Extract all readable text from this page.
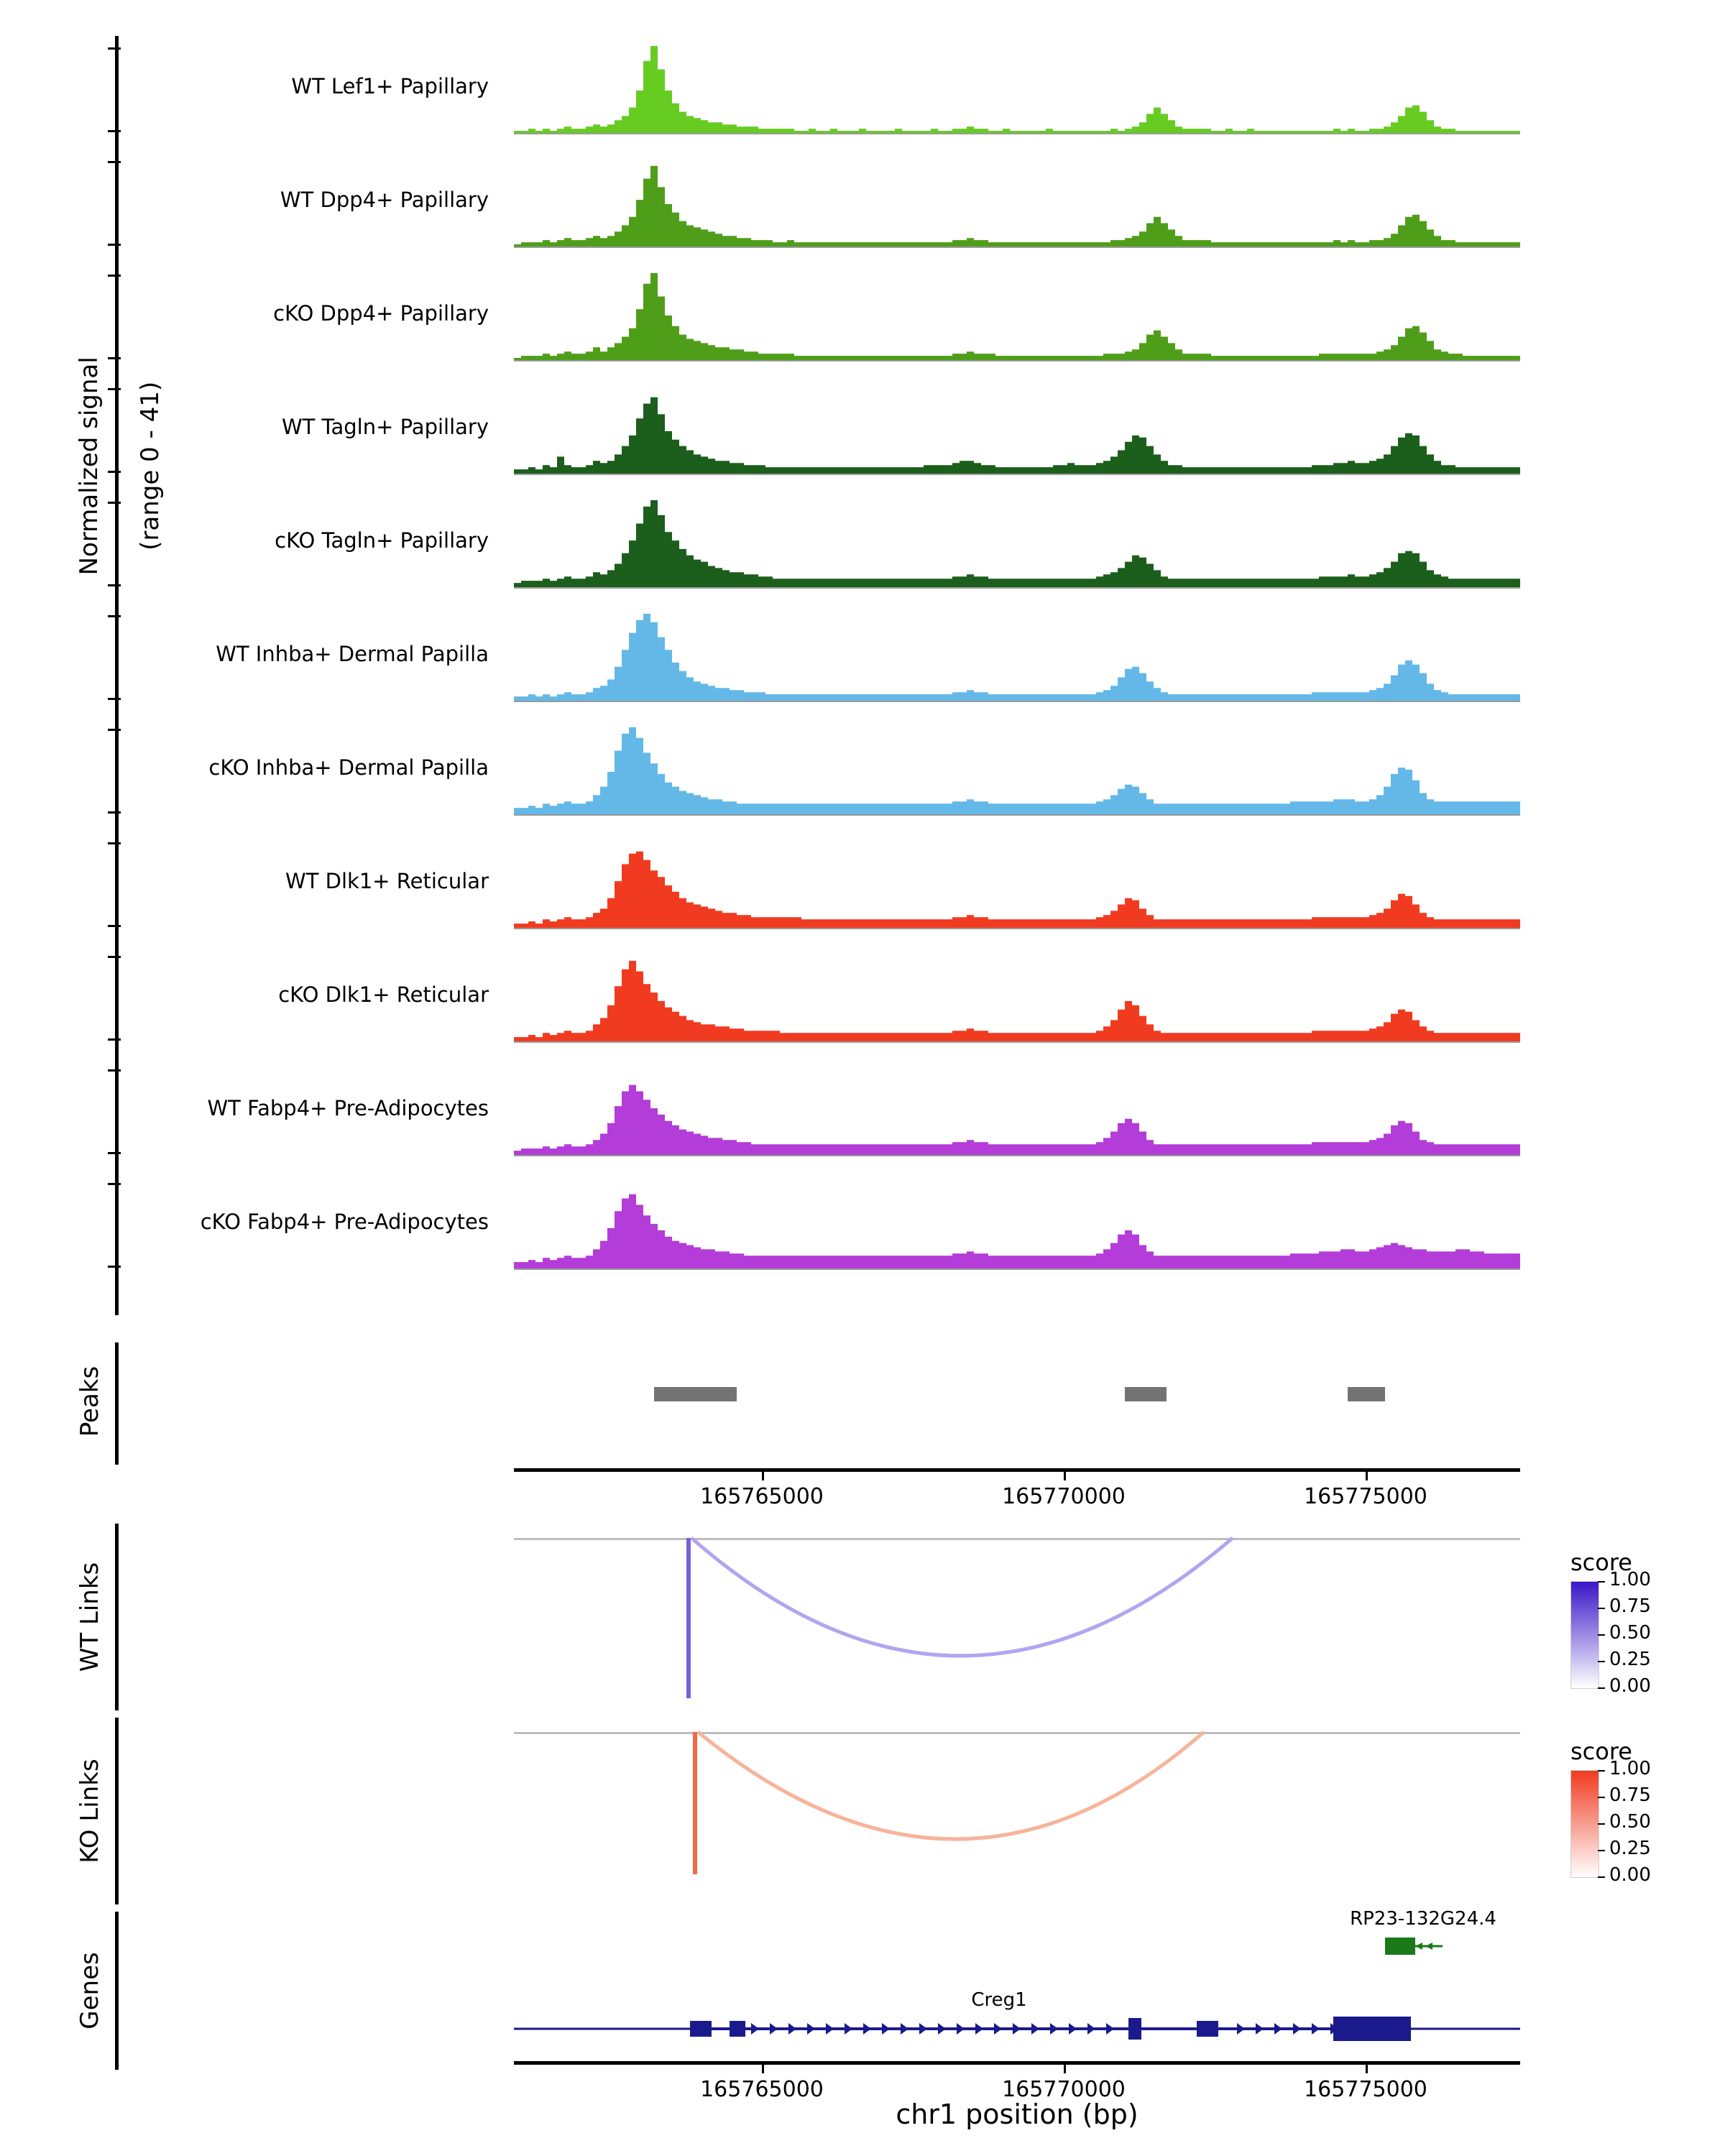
Normalized signal (range 0 - 41)

WT Lef1+ Papillary
WT Dpp4+ Papillary
cKO Dpp4+ Papillary
WT Tagln+ Papillary
cKO Tagln+ Papillary
WT Inhba+ Dermal Papilla
cKO Inhba+ Dermal Papilla
WT Dlk1+ Reticular
cKO Dlk1+ Reticular
WT Fabp4+ Pre-Adipocytes
cKO Fabp4+ Pre-Adipocytes
Peaks
165765000	165770000	165775000
WT Links	score
1.00
0.75
0.50
0.25
0.00
KO Links
score
1.00
0.75
0.50
0.25
0.00
Genes
RP23-132G24.4
Creg1
165765000	165770000	165775000
chr1 position (bp)
